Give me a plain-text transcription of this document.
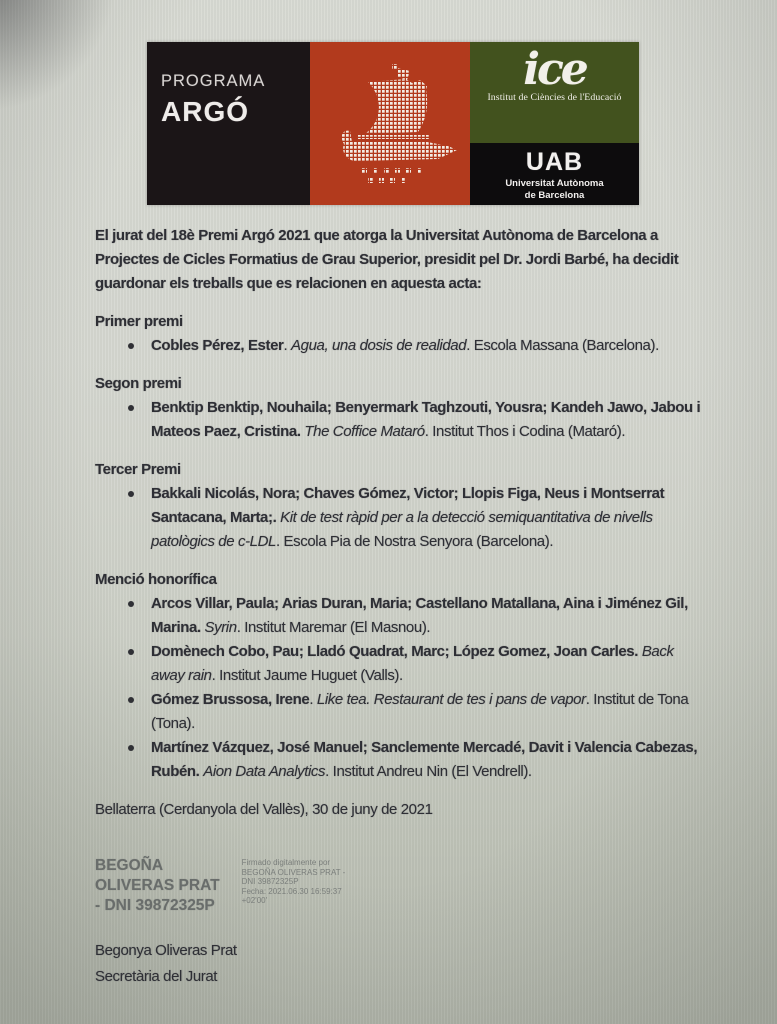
PROGRAMA
ARGÓ
ice
Institut de Ciències de l'Educació
UAB
Universitat Autònoma
de Barcelona

El jurat del 18è Premi Argó 2021 que atorga la Universitat Autònoma de Barcelona a Projectes de Cicles Formatius de Grau Superior, presidit pel Dr. Jordi Barbé, ha decidit guardonar els treballs que es relacionen en aquesta acta:

Primer premi
Cobles Pérez, Ester. Agua, una dosis de realidad. Escola Massana (Barcelona).
Segon premi
Benktip Benktip, Nouhaila; Benyermark Taghzouti, Yousra; Kandeh Jawo, Jabou i Mateos Paez, Cristina. The Coffice Mataró. Institut Thos i Codina (Mataró).
Tercer Premi
Bakkali Nicolás, Nora; Chaves Gómez, Victor; Llopis Figa, Neus i Montserrat Santacana, Marta;. Kit de test ràpid per a la detecció semiquantitativa de nivells patològics de c-LDL. Escola Pia de Nostra Senyora (Barcelona).
Menció honorífica
Arcos Villar, Paula; Arias Duran, Maria; Castellano Matallana, Aina i Jiménez Gil, Marina. Syrin. Institut Maremar (El Masnou).
Domènech Cobo, Pau; Lladó Quadrat, Marc; López Gomez, Joan Carles. Back away rain. Institut Jaume Huguet (Valls).
Gómez Brussosa, Irene. Like tea. Restaurant de tes i pans de vapor. Institut de Tona (Tona).
Martínez Vázquez, José Manuel; Sanclemente Mercadé, Davit i Valencia Cabezas, Rubén. Aion Data Analytics. Institut Andreu Nin (El Vendrell).
Bellaterra (Cerdanyola del Vallès), 30 de juny de 2021
BEGOÑA
OLIVERAS PRAT
- DNI 39872325P
Firmado digitalmente por
BEGOÑA OLIVERAS PRAT -
DNI 39872325P
Fecha: 2021.06.30 16:59:37
+02'00'
Begonya Oliveras Prat
Secretària del Jurat
